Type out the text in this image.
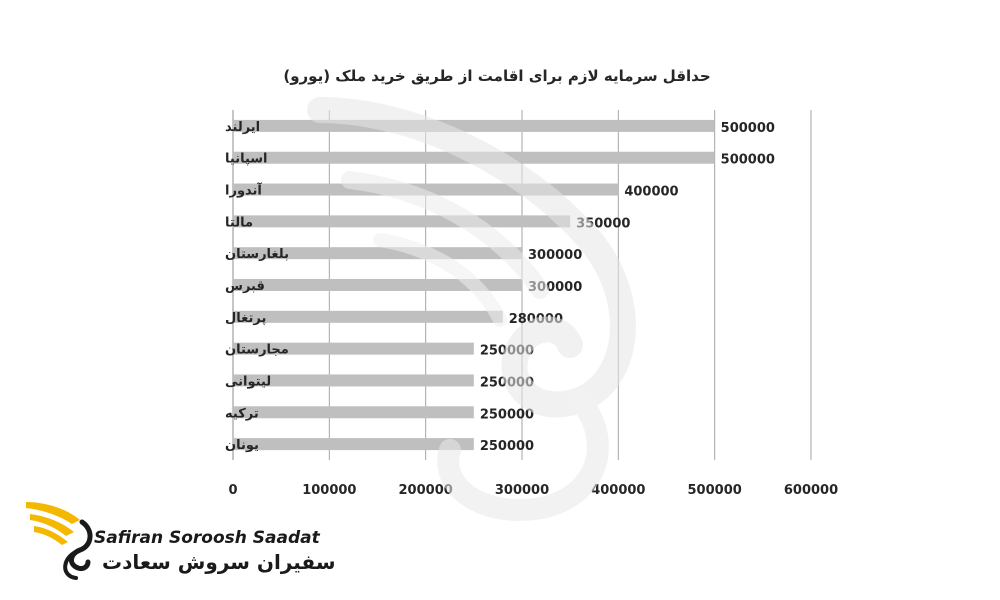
حداقل سرمایه لازم برای اقامت از طریق خرید ملک (یورو)
ایرلند
اسپانیا
آندورا
مالتا
بلغارستان
قبرس
پرتغال
مجارستان
لیتوانی
ترکیه
یونان
500000
500000
400000
350000
300000
300000
280000
250000
250000
250000
250000
0	100000	200000	300000	400000	500000	600000
Safiran Soroosh Saadat
سفیران سروش سعادت
